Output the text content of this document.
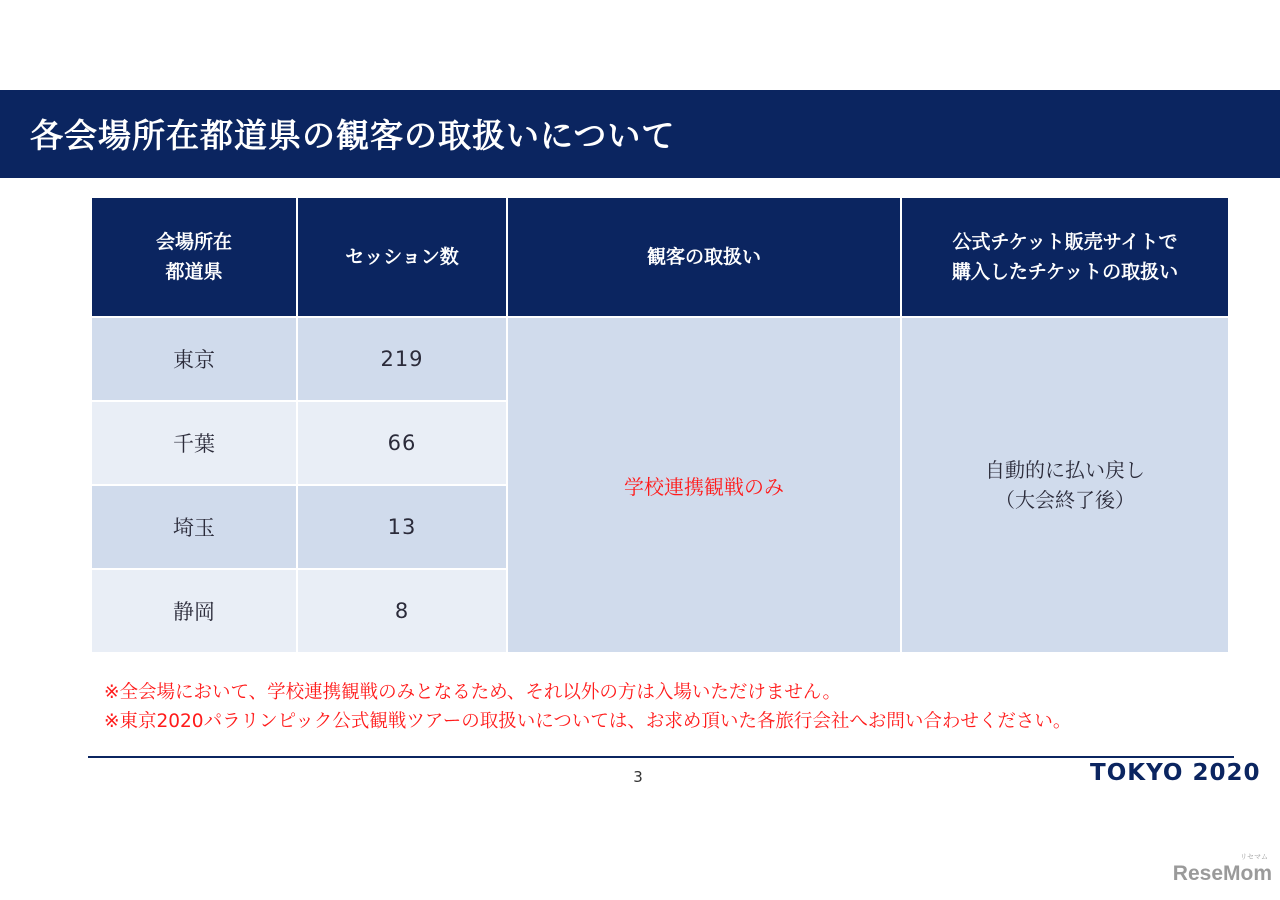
各会場所在都道県の観客の取扱いについて
会場所在
都道県	セッション数	観客の取扱い	公式チケット販売サイトで
購入したチケットの取扱い

東京	219	学校連携観戦のみ	自動的に払い戻し
（大会終了後）

千葉	66		
埼玉	13		
静岡	8		
※全会場において、学校連携観戦のみとなるため、それ以外の方は入場いただけません。
※東京2020パラリンピック公式観戦ツアーの取扱いについては、お求め頂いた各旅行会社へお問い合わせください。
3	TOKYO 2020
リセマム
ReseMom
